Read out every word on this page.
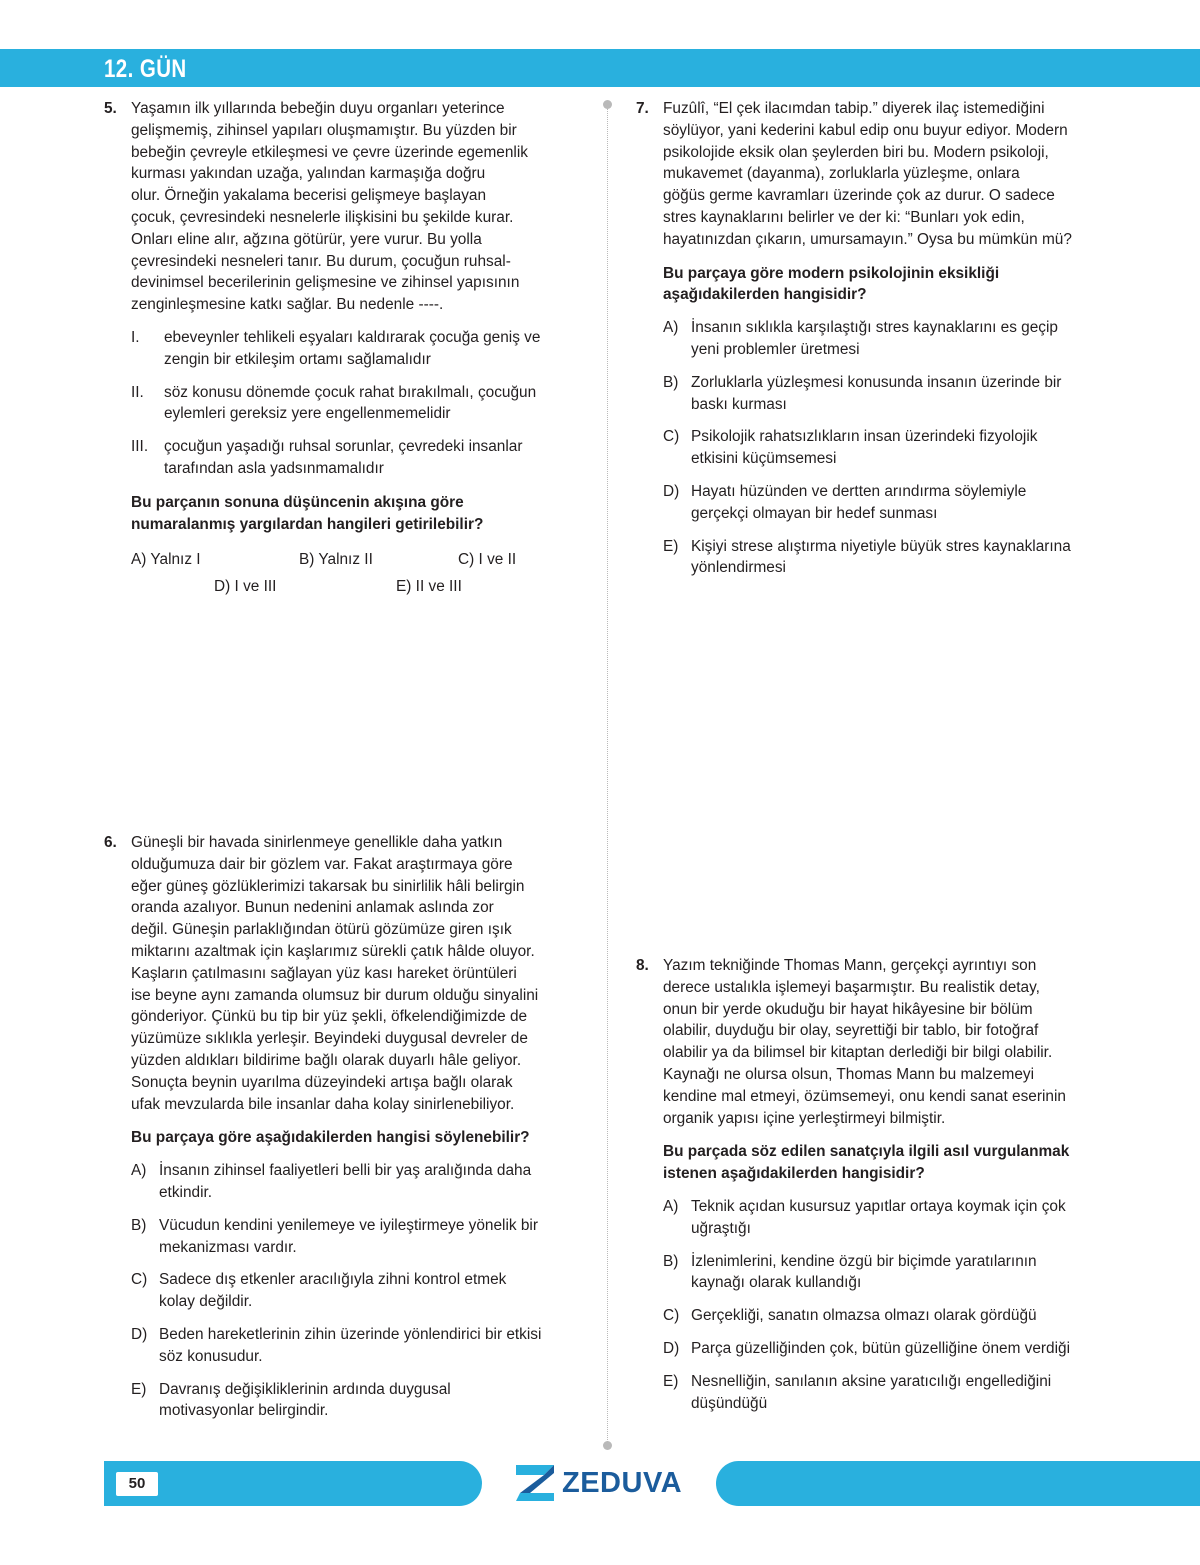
12. GÜN
5. Yaşamın ilk yıllarında bebeğin duyu organları yeterince

gelişmemiş, zihinsel yapıları oluşmamıştır. Bu yüzden bir

bebeğin çevreyle etkileşmesi ve çevre üzerinde egemenlik

kurması yakından uzağa, yalından karmaşığa doğru

olur. Örneğin yakalama becerisi gelişmeye başlayan

çocuk, çevresindeki nesnelerle ilişkisini bu şekilde kurar.

Onları eline alır, ağzına götürür, yere vurur. Bu yolla

çevresindeki nesneleri tanır. Bu durum, çocuğun ruhsal-

devinimsel becerilerinin gelişmesine ve zihinsel yapısının

zenginleşmesine katkı sağlar. Bu nedenle ----.

I.	ebeveynler tehlikeli eşyaları kaldırarak çocuğa geniş ve

zengin bir etkileşim ortamı sağlamalıdır

II.	söz konusu dönemde çocuk rahat bırakılmalı, çocuğun

eylemleri gereksiz yere engellenmemelidir

III.	çocuğun yaşadığı ruhsal sorunlar, çevredeki insanlar

tarafından asla yadsınmamalıdır

Bu parçanın sonuna düşüncenin akışına göre

numaralanmış yargılardan hangileri getirilebilir?

A) Yalnız I	B) Yalnız II	C) I ve II
D) I ve III	E) II ve III
6. Güneşli bir havada sinirlenmeye genellikle daha yatkın

olduğumuza dair bir gözlem var. Fakat araştırmaya göre

eğer güneş gözlüklerimizi takarsak bu sinirlilik hâli belirgin

oranda azalıyor. Bunun nedenini anlamak aslında zor

değil. Güneşin parlaklığından ötürü gözümüze giren ışık

miktarını azaltmak için kaşlarımız sürekli çatık hâlde oluyor.

Kaşların çatılmasını sağlayan yüz kası hareket örüntüleri

ise beyne aynı zamanda olumsuz bir durum olduğu sinyalini

gönderiyor. Çünkü bu tip bir yüz şekli, öfkelendiğimizde de

yüzümüze sıklıkla yerleşir. Beyindeki duygusal devreler de

yüzden aldıkları bildirime bağlı olarak duyarlı hâle geliyor.

Sonuçta beynin uyarılma düzeyindeki artışa bağlı olarak

ufak mevzularda bile insanlar daha kolay sinirlenebiliyor.

Bu parçaya göre aşağıdakilerden hangisi söylenebilir?

A) İnsanın zihinsel faaliyetleri belli bir yaş aralığında daha

etkindir.

B) Vücudun kendini yenilemeye ve iyileştirmeye yönelik bir

mekanizması vardır.

C) Sadece dış etkenler aracılığıyla zihni kontrol etmek

kolay değildir.

D) Beden hareketlerinin zihin üzerinde yönlendirici bir etkisi

söz konusudur.

E) Davranış değişikliklerinin ardında duygusal

motivasyonlar belirgindir.

7. Fuzûlî, “El çek ilacımdan tabip.” diyerek ilaç istemediğini

söylüyor, yani kederini kabul edip onu buyur ediyor. Modern

psikolojide eksik olan şeylerden biri bu. Modern psikoloji,

mukavemet (dayanma), zorluklarla yüzleşme, onlara

göğüs germe kavramları üzerinde çok az durur. O sadece

stres kaynaklarını belirler ve der ki: “Bunları yok edin,

hayatınızdan çıkarın, umursamayın.” Oysa bu mümkün mü?

Bu parçaya göre modern psikolojinin eksikliği

aşağıdakilerden hangisidir?

A) İnsanın sıklıkla karşılaştığı stres kaynaklarını es geçip

yeni problemler üretmesi

B) Zorluklarla yüzleşmesi konusunda insanın üzerinde bir

baskı kurması

C) Psikolojik rahatsızlıkların insan üzerindeki fizyolojik

etkisini küçümsemesi

D) Hayatı hüzünden ve dertten arındırma söylemiyle

gerçekçi olmayan bir hedef sunması

E) Kişiyi strese alıştırma niyetiyle büyük stres kaynaklarına

yönlendirmesi

8. Yazım tekniğinde Thomas Mann, gerçekçi ayrıntıyı son

derece ustalıkla işlemeyi başarmıştır. Bu realistik detay,

onun bir yerde okuduğu bir hayat hikâyesine bir bölüm

olabilir, duyduğu bir olay, seyrettiği bir tablo, bir fotoğraf

olabilir ya da bilimsel bir kitaptan derlediği bir bilgi olabilir.

Kaynağı ne olursa olsun, Thomas Mann bu malzemeyi

kendine mal etmeyi, özümsemeyi, onu kendi sanat eserinin

organik yapısı içine yerleştirmeyi bilmiştir.

Bu parçada söz edilen sanatçıyla ilgili asıl vurgulanmak

istenen aşağıdakilerden hangisidir?

A) Teknik açıdan kusursuz yapıtlar ortaya koymak için çok

uğraştığı

B) İzlenimlerini, kendine özgü bir biçimde yaratılarının

kaynağı olarak kullandığı

C) Gerçekliği, sanatın olmazsa olmazı olarak gördüğü

D) Parça güzelliğinden çok, bütün güzelliğine önem verdiği

E) Nesnelliğin, sanılanın aksine yaratıcılığı engellediğini

düşündüğü

50	ZEDUVA
